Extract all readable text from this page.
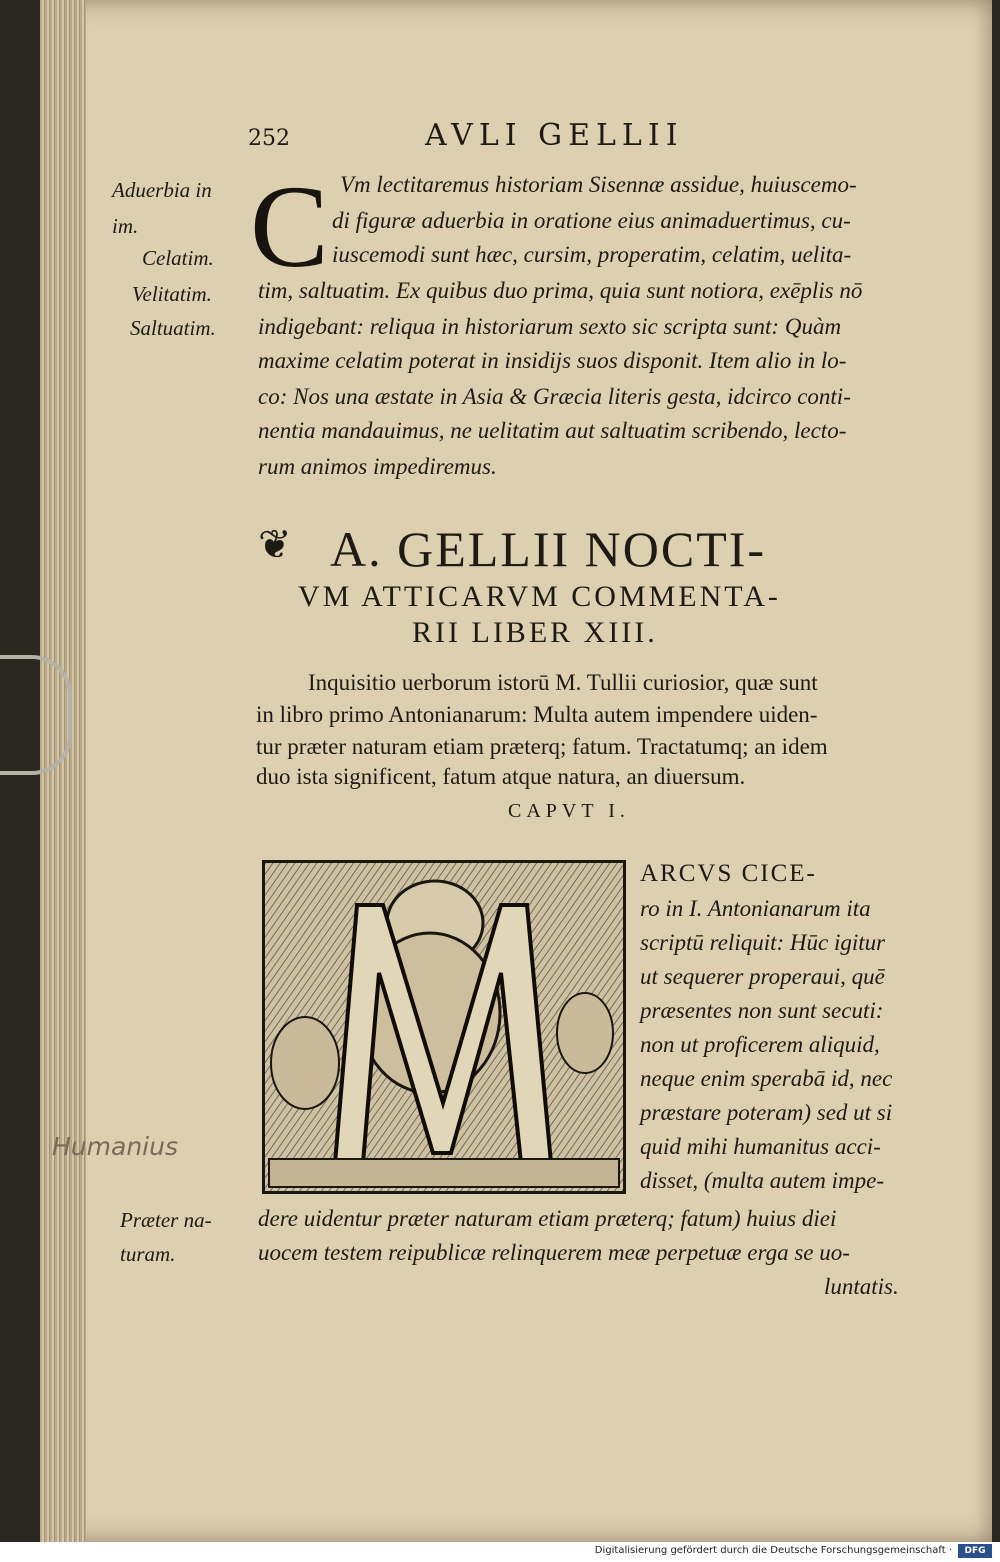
252	AVLI GELLII
Aduerbia in
im.
Celatim.
Velitatim.
Saltuatim.
C Vm lectitaremus historiam Sisennæ assidue, huiuscemo-
di figuræ aduerbia in oratione eius animaduertimus, cu-
iuscemodi sunt hæc, cursim, properatim, celatim, uelita-
tim, saltuatim. Ex quibus duo prima, quia sunt notiora, exēplis nō
indigebant: reliqua in historiarum sexto sic scripta sunt: Quàm
maxime celatim poterat in insidijs suos disponit. Item alio in lo-
co: Nos una æstate in Asia & Græcia literis gesta, idcirco conti-
nentia mandauimus, ne uelitatim aut saltuatim scribendo, lecto-
rum animos impediremus.
❦ A. GELLII NOCTI-
VM ATTICARVM COMMENTA-
RII LIBER XIII.
Inquisitio uerborum istorū M. Tullii curiosior, quæ sunt
in libro primo Antonianarum: Multa autem impendere uiden-
tur præter naturam etiam præterq; fatum. Tractatumq; an idem
duo ista significent, fatum atque natura, an diuersum.
CAPVT I.
ARCVS CICE-
ro in I. Antonianarum ita
scriptū reliquit: Hūc igitur
ut sequerer properaui, quē
præsentes non sunt secuti:
non ut proficerem aliquid,
neque enim sperabā id, nec
præstare poteram) sed ut si
quid mihi humanitus acci-
disset, (multa autem impe-
dere uidentur præter naturam etiam præterq; fatum) huius diei
uocem testem reipublicæ relinquerem meæ perpetuæ erga se uo-
luntatis.
Præter na-
turam.
Humanius
Digitalisierung gefördert durch die Deutsche Forschungsgemeinschaft ·	DFG
